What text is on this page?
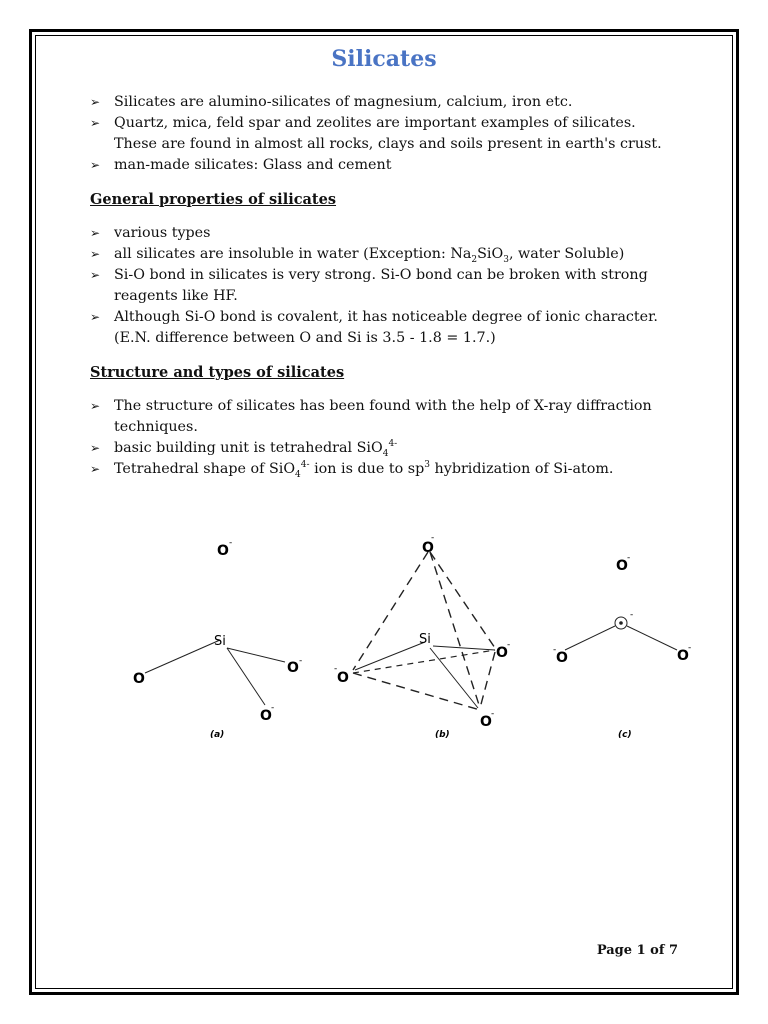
Silicates
➢ Silicates are alumino-silicates of magnesium, calcium, iron etc.
➢ Quartz, mica, feld spar and zeolites are important examples of silicates.
These are found in almost all rocks, clays and soils present in earth's crust.
➢ man-made silicates: Glass and cement
General properties of silicates
➢ various types
➢ all silicates are insoluble in water (Exception: $Na_2SiO_3$, water Soluble)
➢ Si-O bond in silicates is very strong. Si-O bond can be broken with strong
reagents like HF.
➢ Although Si-O bond is covalent, it has noticeable degree of ionic character.
(E.N. difference between O and Si is 3.5 - 1.8 = 1.7.)
Structure and types of silicates
➢ The structure of silicates has been found with the help of X-ray diffraction
techniques.
➢ basic building unit is tetrahedral SiO$_4^{4-}$
➢ Tetrahedral shape of SiO$_4^{4-}$ ion is due to $sp^3$ hybridization of Si-atom.
O -
Si
O
O -
O -
(a)
O
-
Si
O
-
O -
O -
(b)
O -
-
O
-	O -
(c)
Page 1 of 7
